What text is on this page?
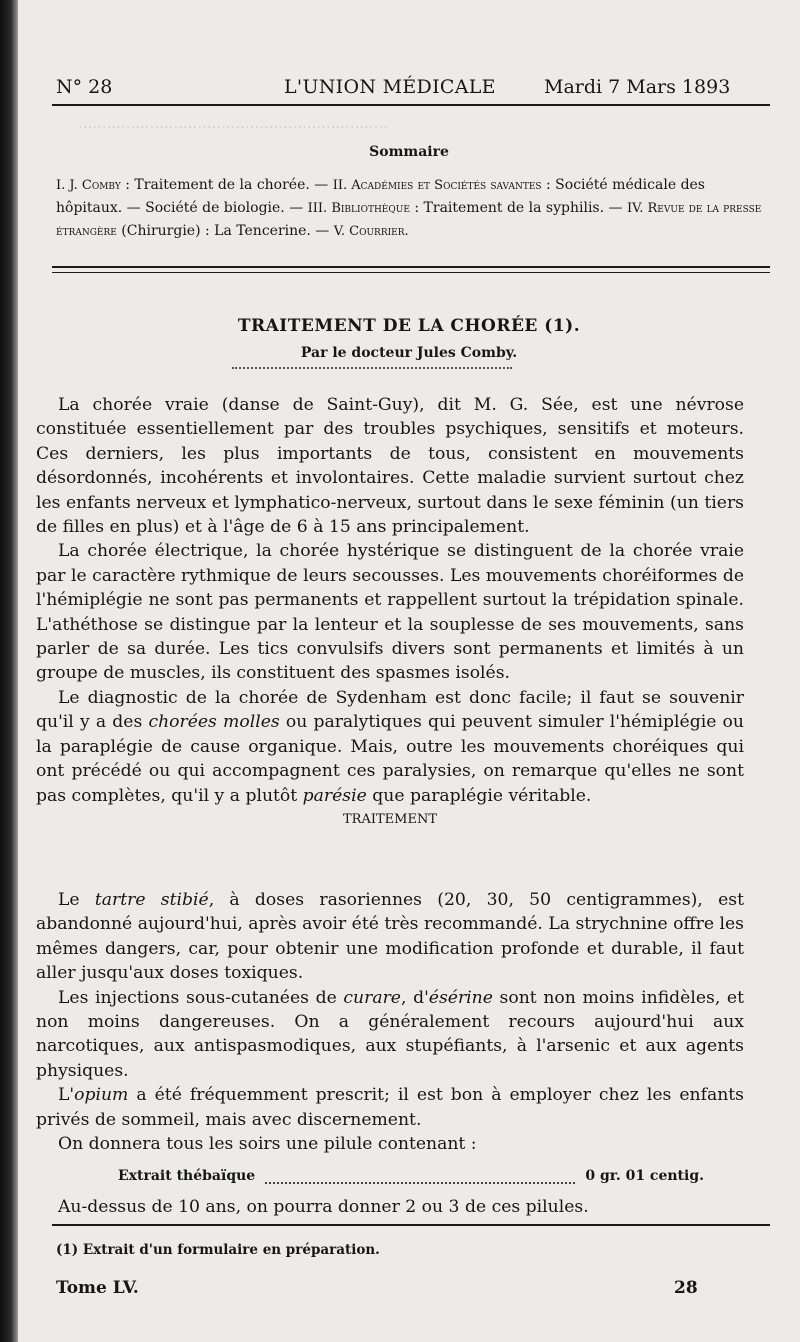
·································································
N° 28	L'UNION MÉDICALE	Mardi 7 Mars 1893
Sommaire
I. J. Comby : Traitement de la chorée. — II. Académies et Sociétés savantes : Société médicale des hôpitaux. — Société de biologie. — III. Bibliothèque : Traitement de la syphilis. — IV. Revue de la presse étrangère (Chirurgie) : La Tencerine. — V. Courrier.
TRAITEMENT DE LA CHORÉE (1).
Par le docteur Jules Comby.

La chorée vraie (danse de Saint-Guy), dit M. G. Sée, est une névrose constituée essentiellement par des troubles psychiques, sensitifs et moteurs. Ces derniers, les plus importants de tous, consistent en mouvements désordonnés, incohérents et involontaires. Cette maladie survient surtout chez les enfants nerveux et lymphatico-nerveux, surtout dans le sexe féminin (un tiers de filles en plus) et à l'âge de 6 à 15 ans principalement.

La chorée électrique, la chorée hystérique se distinguent de la chorée vraie par le caractère rythmique de leurs secousses. Les mouvements choréiformes de l'hémiplégie ne sont pas permanents et rappellent surtout la trépidation spinale. L'athéthose se distingue par la lenteur et la souplesse de ses mouvements, sans parler de sa durée. Les tics convulsifs divers sont permanents et limités à un groupe de muscles, ils constituent des spasmes isolés.

Le diagnostic de la chorée de Sydenham est donc facile; il faut se souvenir qu'il y a des chorées molles ou paralytiques qui peuvent simuler l'hémiplégie ou la paraplégie de cause organique. Mais, outre les mouvements choréiques qui ont précédé ou qui accompagnent ces paralysies, on remarque qu'elles ne sont pas complètes, qu'il y a plutôt parésie que paraplégie véritable.

TRAITEMENT

Le tartre stibié, à doses rasoriennes (20, 30, 50 centigrammes), est abandonné aujourd'hui, après avoir été très recommandé. La strychnine offre les mêmes dangers, car, pour obtenir une modification profonde et durable, il faut aller jusqu'aux doses toxiques.

Les injections sous-cutanées de curare, d'ésérine sont non moins infidèles, et non moins dangereuses. On a généralement recours aujourd'hui aux narcotiques, aux antispasmodiques, aux stupéfiants, à l'arsenic et aux agents physiques.

L'opium a été fréquemment prescrit; il est bon à employer chez les enfants privés de sommeil, mais avec discernement.

On donnera tous les soirs une pilule contenant :

Extrait thébaïque	0 gr. 01 centig.

Au-dessus de 10 ans, on pourra donner 2 ou 3 de ces pilules.

(1) Extrait d'un formulaire en préparation.
Tome LV.	28
